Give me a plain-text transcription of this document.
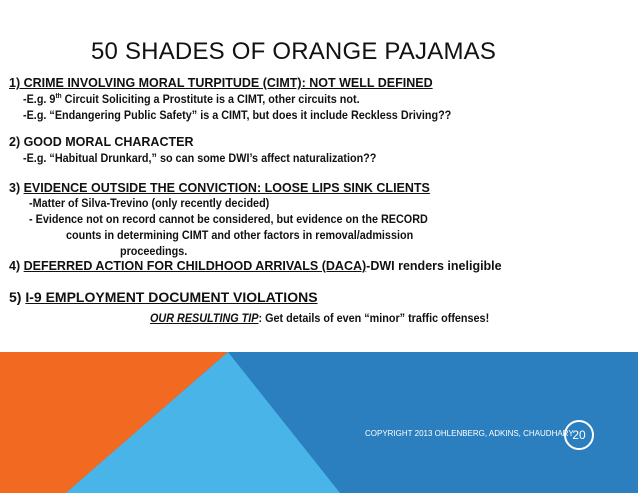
50 SHADES OF ORANGE PAJAMAS
1) CRIME INVOLVING MORAL TURPITUDE (CIMT): NOT WELL DEFINED
-E.g. 9th Circuit Soliciting a Prostitute is a CIMT, other circuits not.
-E.g. “Endangering Public Safety” is a CIMT, but does it include Reckless Driving??
2) GOOD MORAL CHARACTER
-E.g. “Habitual Drunkard,” so can some DWI’s affect naturalization??
3) EVIDENCE OUTSIDE THE CONVICTION: LOOSE LIPS SINK CLIENTS
-Matter of Silva-Trevino (only recently decided)
- Evidence not on record cannot be considered, but evidence on the RECORD
counts in determining CIMT and other factors in removal/admission
proceedings.
4) DEFERRED ACTION FOR CHILDHOOD ARRIVALS (DACA)-DWI renders ineligible
5) I-9 EMPLOYMENT DOCUMENT VIOLATIONS
OUR RESULTING TIP: Get details of even “minor” traffic offenses!
COPYRIGHT 2013 OHLENBERG, ADKINS, CHAUDHARY
20
